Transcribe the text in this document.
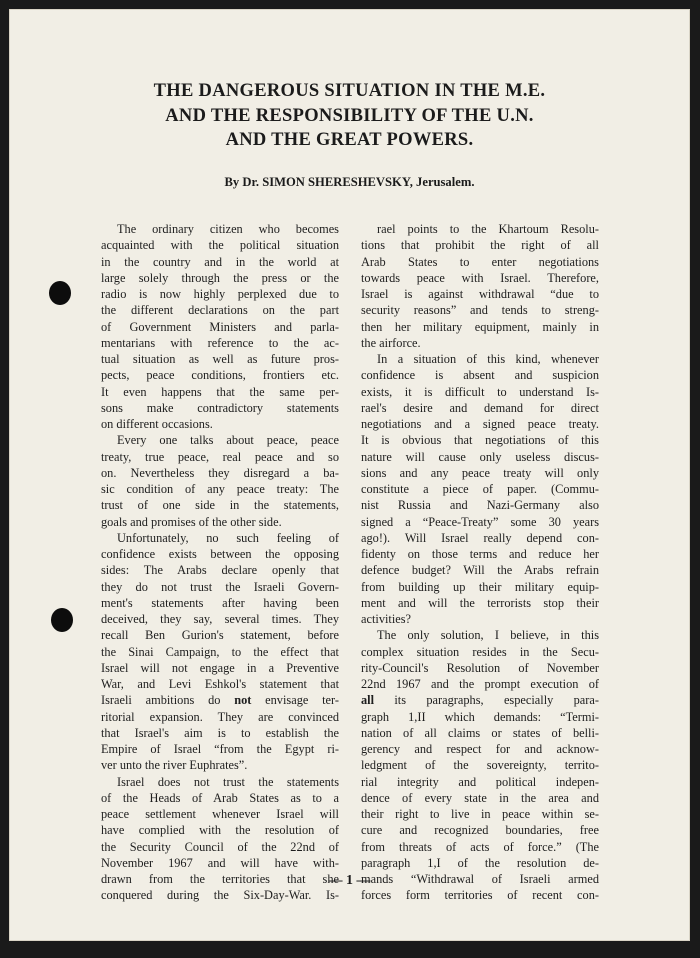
THE DANGEROUS SITUATION IN THE M.E.
AND THE RESPONSIBILITY OF THE U.N.
AND THE GREAT POWERS.
By Dr. SIMON SHERESHEVSKY, Jerusalem.
The ordinary citizen who becomes
acquainted with the political situation
in the country and in the world at
large solely through the press or the
radio is now highly perplexed due to
the different declarations on the part
of Government Ministers and parla-
mentarians with reference to the ac-
tual situation as well as future pros-
pects, peace conditions, frontiers etc.
It even happens that the same per-
sons make contradictory statements
on different occasions.
Every one talks about peace, peace
treaty, true peace, real peace and so
on. Nevertheless they disregard a ba-
sic condition of any peace treaty: The
trust of one side in the statements,
goals and promises of the other side.
Unfortunately, no such feeling of
confidence exists between the opposing
sides: The Arabs declare openly that
they do not trust the Israeli Govern-
ment's statements after having been
deceived, they say, several times. They
recall Ben Gurion's statement, before
the Sinai Campaign, to the effect that
Israel will not engage in a Preventive
War, and Levi Eshkol's statement that
Israeli ambitions do not envisage ter-
ritorial expansion. They are convinced
that Israel's aim is to establish the
Empire of Israel “from the Egypt ri-
ver unto the river Euphrates”.
Israel does not trust the statements
of the Heads of Arab States as to a
peace settlement whenever Israel will
have complied with the resolution of
the Security Council of the 22nd of
November 1967 and will have with-
drawn from the territories that she
conquered during the Six-Day-War. Is-
rael points to the Khartoum Resolu-
tions that prohibit the right of all
Arab States to enter negotiations
towards peace with Israel. Therefore,
Israel is against withdrawal “due to
security reasons” and tends to streng-
then her military equipment, mainly in
the airforce.
In a situation of this kind, whenever
confidence is absent and suspicion
exists, it is difficult to understand Is-
rael's desire and demand for direct
negotiations and a signed peace treaty.
It is obvious that negotiations of this
nature will cause only useless discus-
sions and any peace treaty will only
constitute a piece of paper. (Commu-
nist Russia and Nazi-Germany also
signed a “Peace-Treaty” some 30 years
ago!). Will Israel really depend con-
fidenty on those terms and reduce her
defence budget? Will the Arabs refrain
from building up their military equip-
ment and will the terrorists stop their
activities?
The only solution, I believe, in this
complex situation resides in the Secu-
rity-Council's Resolution of November
22nd 1967 and the prompt execution of
all its paragraphs, especially para-
graph 1,II which demands: “Termi-
nation of all claims or states of belli-
gerency and respect for and acknow-
ledgment of the sovereignty, territo-
rial integrity and political indepen-
dence of every state in the area and
their right to live in peace within se-
cure and recognized boundaries, free
from threats of acts of force.” (The
paragraph 1,I of the resolution de-
mands “Withdrawal of Israeli armed
forces form territories of recent con-
— 1 —
